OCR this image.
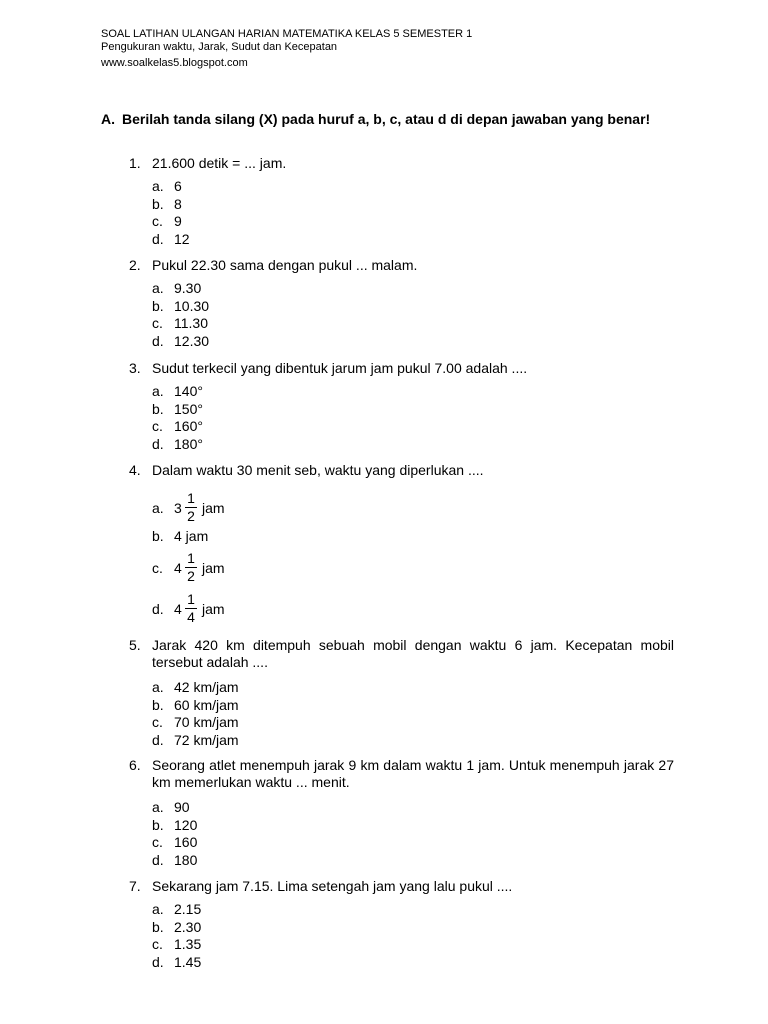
SOAL LATIHAN ULANGAN HARIAN MATEMATIKA KELAS 5 SEMESTER 1
Pengukuran waktu, Jarak, Sudut dan Kecepatan
www.soalkelas5.blogspot.com
A. Berilah tanda silang (X) pada huruf a, b, c, atau d di depan jawaban yang benar!
1. 21.600 detik = ... jam.
a. 6
b. 8
c. 9
d. 12
2. Pukul 22.30 sama dengan pukul ... malam.
a. 9.30
b. 10.30
c. 11.30
d. 12.30
3. Sudut terkecil yang dibentuk jarum jam pukul 7.00 adalah ....
a. 140°
b. 150°
c. 160°
d. 180°
4. Dalam waktu 30 menit seb, waktu yang diperlukan ....
a. 3
1
2 jam
b. 4 jam
c. 4
1
2 jam
d. 4
1
4 jam
5. Jarak 420 km ditempuh sebuah mobil dengan waktu 6 jam. Kecepatan mobil tersebut adalah ....
a. 42 km/jam
b. 60 km/jam
c. 70 km/jam
d. 72 km/jam
6. Seorang atlet menempuh jarak 9 km dalam waktu 1 jam. Untuk menempuh jarak 27 km memerlukan waktu ... menit.
a. 90
b. 120
c. 160
d. 180
7. Sekarang jam 7.15. Lima setengah jam yang lalu pukul ....
a. 2.15
b. 2.30
c. 1.35
d. 1.45
